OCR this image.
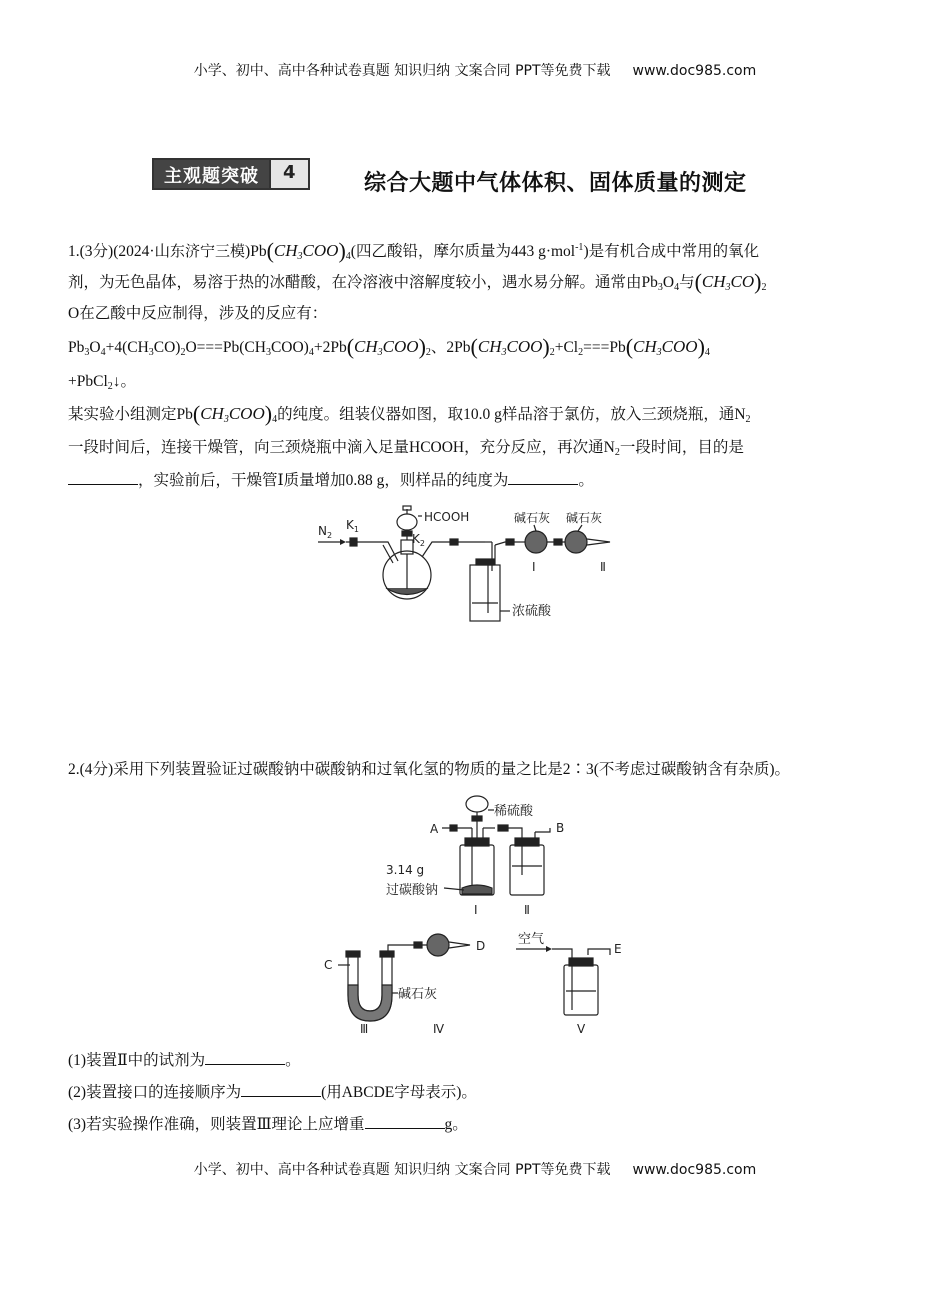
小学、初中、高中各种试卷真题 知识归纳 文案合同 PPT等免费下载 www.doc985.com
主观题突破	4	综合大题中气体体积、固体质量的测定
1.(3分)(2024·山东济宁三模)$Pb(CH_3COO)_4$(四乙酸铅，摩尔质量为443 g·mol$^{-1}$)是有机合成中常用的氧化
剂，为无色晶体，易溶于热的冰醋酸，在冷溶液中溶解度较小，遇水易分解。通常由$Pb_3O_4$与$(CH_3CO)_2$
O在乙酸中反应制得，涉及的反应有：
$Pb_3O_4+4(CH_3CO)_2O===Pb(CH_3COO)_4+2Pb(CH_3COO)_2$、$2Pb(CH_3COO)_2+Cl_2===Pb(CH_3COO)_4$
+PbCl$_2$↓。
某实验小组测定$Pb(CH_3COO)_4$的纯度。组装仪器如图，取10.0 g样品溶于氯仿，放入三颈烧瓶，通$N_2$
一段时间后，连接干燥管，向三颈烧瓶中滴入足量HCOOH，充分反应，再次通$N_2$一段时间，目的是
，实验前后，干燥管Ⅰ质量增加0.88 g，则样品的纯度为	。
$N_2$
$K_1$
$K_2$
HCOOH
浓硫酸
碱石灰
Ⅰ
碱石灰
Ⅱ
2.(4分)采用下列装置验证过碳酸钠中碳酸钠和过氧化氢的物质的量之比是2∶3(不考虑过碳酸钠含有杂质)。
稀硫酸
A
3.14 g
过碳酸钠
B
Ⅰ	Ⅱ
C
D
碱石灰
Ⅲ	Ⅳ
空气
E
Ⅴ
(1)装置Ⅱ中的试剂为	。
(2)装置接口的连接顺序为	(用ABCDE字母表示)。
(3)若实验操作准确，则装置Ⅲ理论上应增重	g。
小学、初中、高中各种试卷真题 知识归纳 文案合同 PPT等免费下载 www.doc985.com
